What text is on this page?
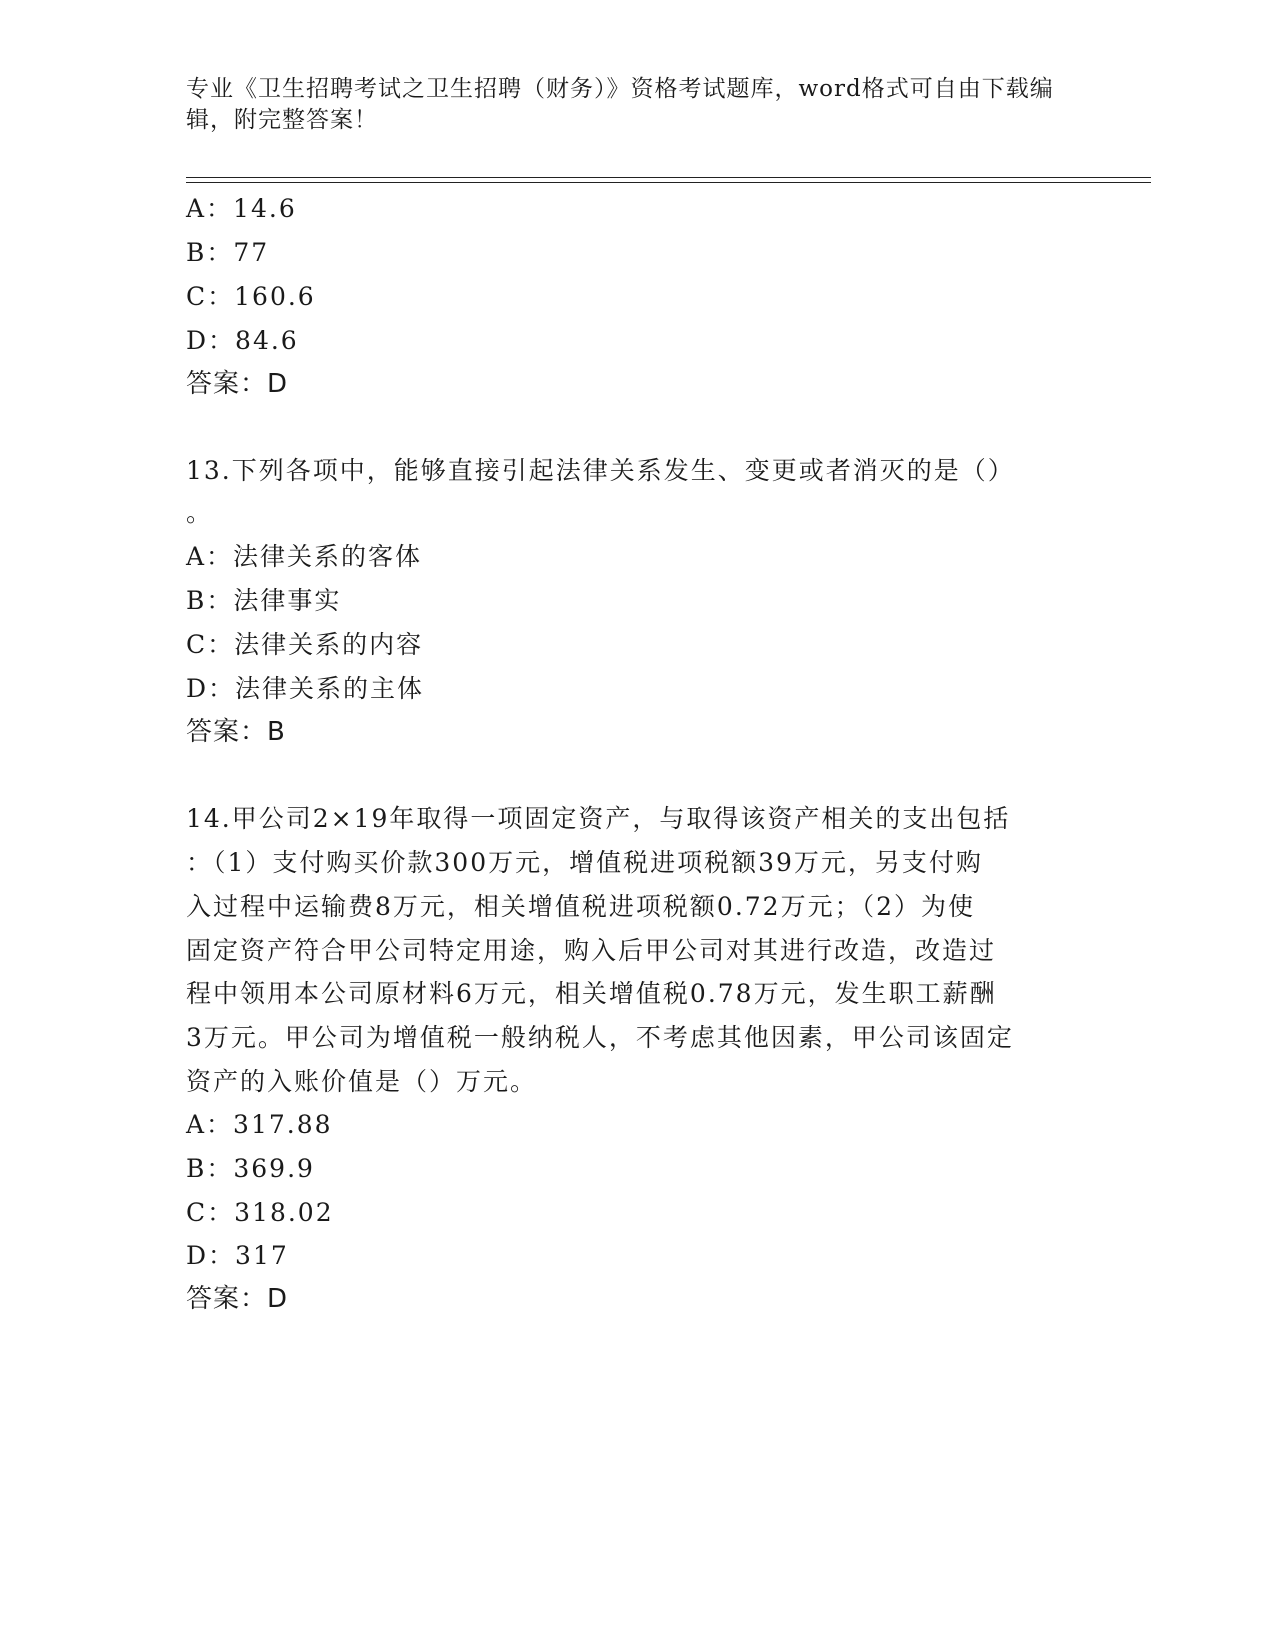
专业《卫生招聘考试之卫生招聘（财务）》资格考试题库，word格式可自由下载编辑，附完整答案！
A：14.6
B：77
C：160.6
D：84.6
答案：D
13.下列各项中，能够直接引起法律关系发生、变更或者消灭的是（）
。
A：法律关系的客体
B：法律事实
C：法律关系的内容
D：法律关系的主体
答案：B
14.甲公司2×19年取得一项固定资产，与取得该资产相关的支出包括
：（1）支付购买价款300万元，增值税进项税额39万元，另支付购
入过程中运输费8万元，相关增值税进项税额0.72万元；（2）为使
固定资产符合甲公司特定用途，购入后甲公司对其进行改造，改造过
程中领用本公司原材料6万元，相关增值税0.78万元，发生职工薪酬
3万元。甲公司为增值税一般纳税人，不考虑其他因素，甲公司该固定
资产的入账价值是（）万元。
A：317.88
B：369.9
C：318.02
D：317
答案：D
